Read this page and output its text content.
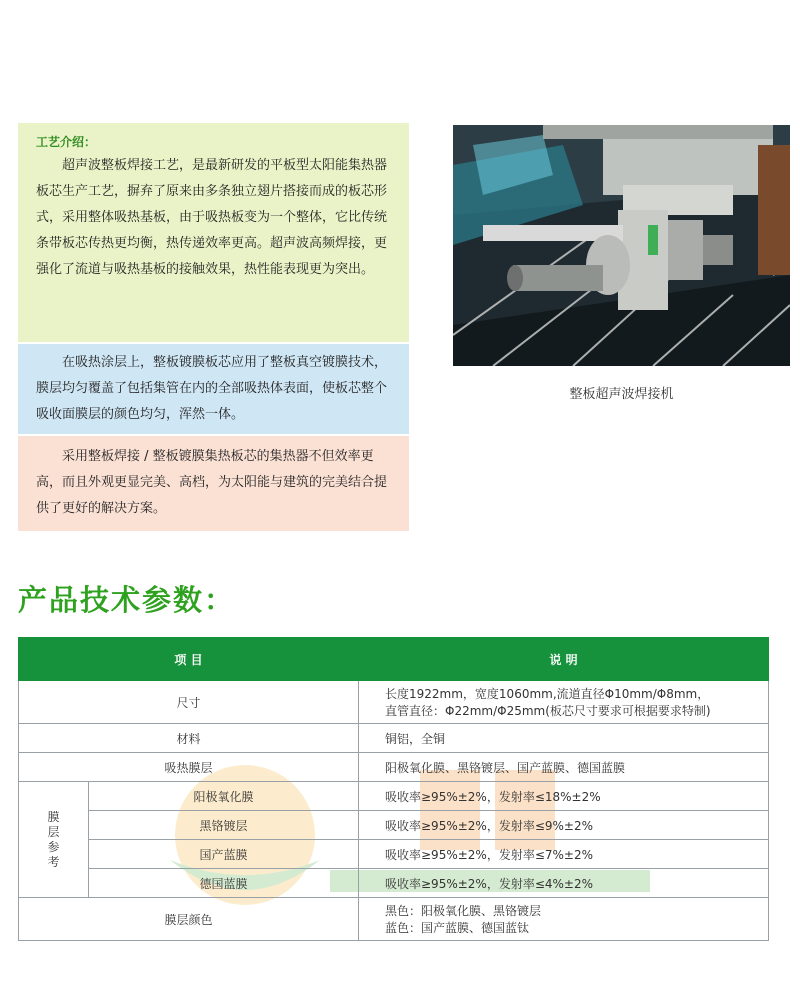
工艺介绍：

超声波整板焊接工艺，是最新研发的平板型太阳能集热器板芯生产工艺，摒弃了原来由多条独立翅片搭接而成的板芯形式，采用整体吸热基板，由于吸热板变为一个整体，它比传统条带板芯传热更均衡，热传递效率更高。超声波高频焊接，更强化了流道与吸热基板的接触效果，热性能表现更为突出。

在吸热涂层上，整板镀膜板芯应用了整板真空镀膜技术，膜层均匀覆盖了包括集管在内的全部吸热体表面，使板芯整个吸收面膜层的颜色均匀，浑然一体。

采用整板焊接 / 整板镀膜集热板芯的集热器不但效率更高，而且外观更显完美、高档，为太阳能与建筑的完美结合提供了更好的解决方案。

整板超声波焊接机
产品技术参数：
项 目		说 明
尺寸		长度1922mm，宽度1060mm,流道直径Φ10mm/Φ8mm，
直管直径：Φ22mm/Φ25mm(板芯尺寸要求可根据要求特制)

材料		铜铝，全铜
吸热膜层		阳极氧化膜、黑铬镀层、国产蓝膜、德国蓝膜
膜层参考	阳极氧化膜	吸收率≥95%±2%，发射率≤18%±2%
	黑铬镀层	吸收率≥95%±2%，发射率≤9%±2%
	国产蓝膜	吸收率≥95%±2%，发射率≤7%±2%
	德国蓝膜	吸收率≥95%±2%，发射率≤4%±2%
膜层颜色		黑色：阳极氧化膜、黑铬镀层
蓝色：国产蓝膜、德国蓝钛
